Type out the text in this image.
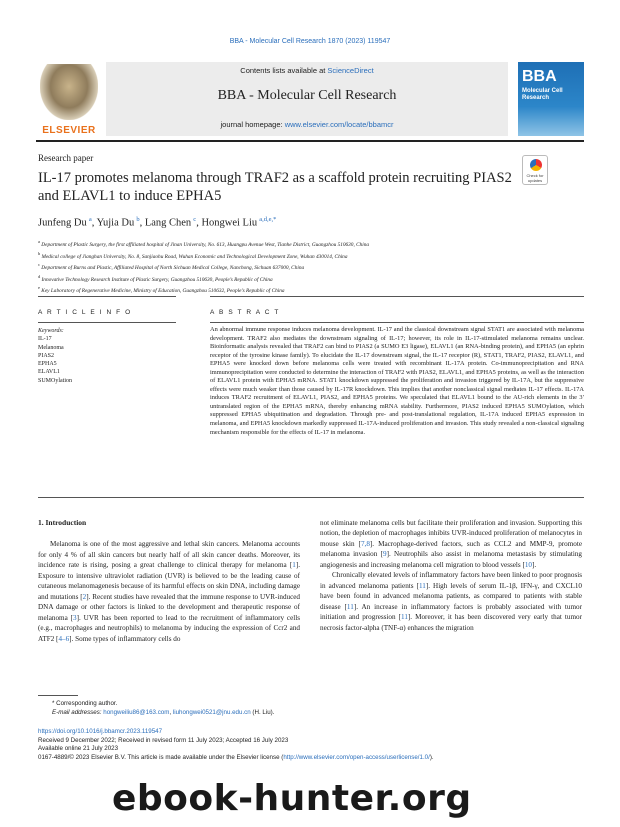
BBA - Molecular Cell Research 1870 (2023) 119547
ELSEVIER
Contents lists available at ScienceDirect
BBA - Molecular Cell Research
journal homepage: www.elsevier.com/locate/bbamcr
BBA
Molecular Cell Research
Research paper
IL-17 promotes melanoma through TRAF2 as a scaffold protein recruiting PIAS2 and ELAVL1 to induce EPHA5
Check for updates
Junfeng Du  $^a$, Yujia Du  $^b$, Lang Chen  $^c$, Hongwei Liu  $^{a,d,e,*}$
$^a$ Department of Plastic Surgery, the first affiliated hospital of Jinan University, No. 613, Huangpu Avenue West, Tianhe District, Guangzhou 510630, China
$^b$ Medical college of Jianghan University, No. 8, Sanjiaohu Road, Wuhan Economic and Technological Development Zone, Wuhan 430014, China
$^c$ Department of Burns and Plastic, Affiliated Hospital of North Sichuan Medical College, Nanchong, Sichuan 637000, China
$^d$ Innovative Technology Research Institute of Plastic Surgery, Guangzhou 510630, People’s Republic of China
$^e$ Key Laboratory of Regenerative Medicine, Ministry of Education, Guangzhou 510632, People’s Republic of China
A R T I C L E I N F O	A B S T R A C T
Keywords:
IL-17
Melanoma
PIAS2
EPHA5
ELAVL1
SUMOylation
An abnormal immune response induces melanoma development. IL-17 and the classical downstream signal STAT1 are associated with melanoma development. TRAF2 also mediates the downstream signaling of IL-17; however, its role in IL-17-stimulated melanoma remains unclear. Bioinformatic analysis revealed that TRAF2 can bind to PIAS2 (a SUMO E3 ligase), ELAVL1 (an RNA-binding protein), and EPHA5 (an ephrin receptor of the tyrosine kinase family). To elucidate the IL-17 downstream signal, the IL-17 receptor (R), STAT1, TRAF2, PIAS2, ELAVL1, and EPHA5 were knocked down before melanoma cells were treated with recombinant IL-17A protein. Co-immunoprecipitation and RNA immunoprecipitation were conducted to determine the interaction of TRAF2 with PIAS2, ELAVL1, and EPHA5 proteins, as well as the interaction of ELAVL1 protein with EPHA5 mRNA. STAT1 knockdown suppressed the proliferation and invasion triggered by IL-17A, but the suppressive effects were much weaker than those caused by IL-17R knockdown. This implies that another nonclassical signal mediates IL-17 effects. IL-17A induces TRAF2 recruitment of ELAVL1, PIAS2, and EPHA5 proteins. We speculated that ELAVL1 bound to the AU-rich elements in the 3′ untranslated region of the EPHA5 mRNA, thereby enhancing mRNA stability. Furthermore, PIAS2 induced EPHA5 SUMOylation, which suppressed EPHA5 ubiquitination and degradation. Through pre- and post-translational regulation, IL-17A induced EPHA5 expression in melanoma, and EPHA5 knockdown markedly suppressed IL-17A-induced proliferation and invasion. This study revealed a non-classical signaling mechanism responsible for the effects of IL-17 in melanoma.
1. Introduction

Melanoma is one of the most aggressive and lethal skin cancers. Melanoma accounts for only 4 % of all skin cancers but nearly half of all skin cancer deaths. Moreover, its incidence rate is rising, posing a great challenge to clinical therapy for melanoma [1]. Exposure to intensive ultraviolet radiation (UVR) is believed to be the leading cause of cutaneous melanomagenesis because of its harmful effects on skin DNA, including damage and mutations [2]. Recent studies have revealed that the immune response to UVR-induced DNA damage or other factors is linked to the development and therapeutic response of melanoma [3]. UVR has been reported to lead to the recruitment of inflammatory cells (e.g., macrophages and neutrophils) to melanoma by inducing the expression of Ccr2 and ATF2 [4–6]. Some types of inflammatory cells do

not eliminate melanoma cells but facilitate their proliferation and invasion. Supporting this notion, the depletion of macrophages inhibits UVR-induced proliferation of melanocytes in mouse skin [7,8]. Macrophage-derived factors, such as CCL2 and MMP-9, promote melanoma invasion [9]. Neutrophils also assist in melanoma metastasis by stimulating angiogenesis and increasing melanoma cell migration to blood vessels [10].

Chronically elevated levels of inflammatory factors have been linked to poor prognosis in advanced melanoma patients [11]. High levels of serum IL-1β, IFN-γ, and CXCL10 have been found in advanced melanoma patients, as compared to patients with stable disease [11]. An increase in inflammatory factors is probably associated with tumor initiation and progression [11]. Moreover, it has been discovered very early that tumor necrosis factor-alpha (TNF-α) enhances the migration

* Corresponding author.
E-mail addresses: hongweiliu86@163.com, liuhongwei0521@jnu.edu.cn (H. Liu).
https://doi.org/10.1016/j.bbamcr.2023.119547
Received 9 December 2022; Received in revised form 11 July 2023; Accepted 16 July 2023
Available online 21 July 2023
0167-4889/© 2023 Elsevier B.V. This article is made available under the Elsevier license (http://www.elsevier.com/open-access/userlicense/1.0/).
ebook-hunter.org
